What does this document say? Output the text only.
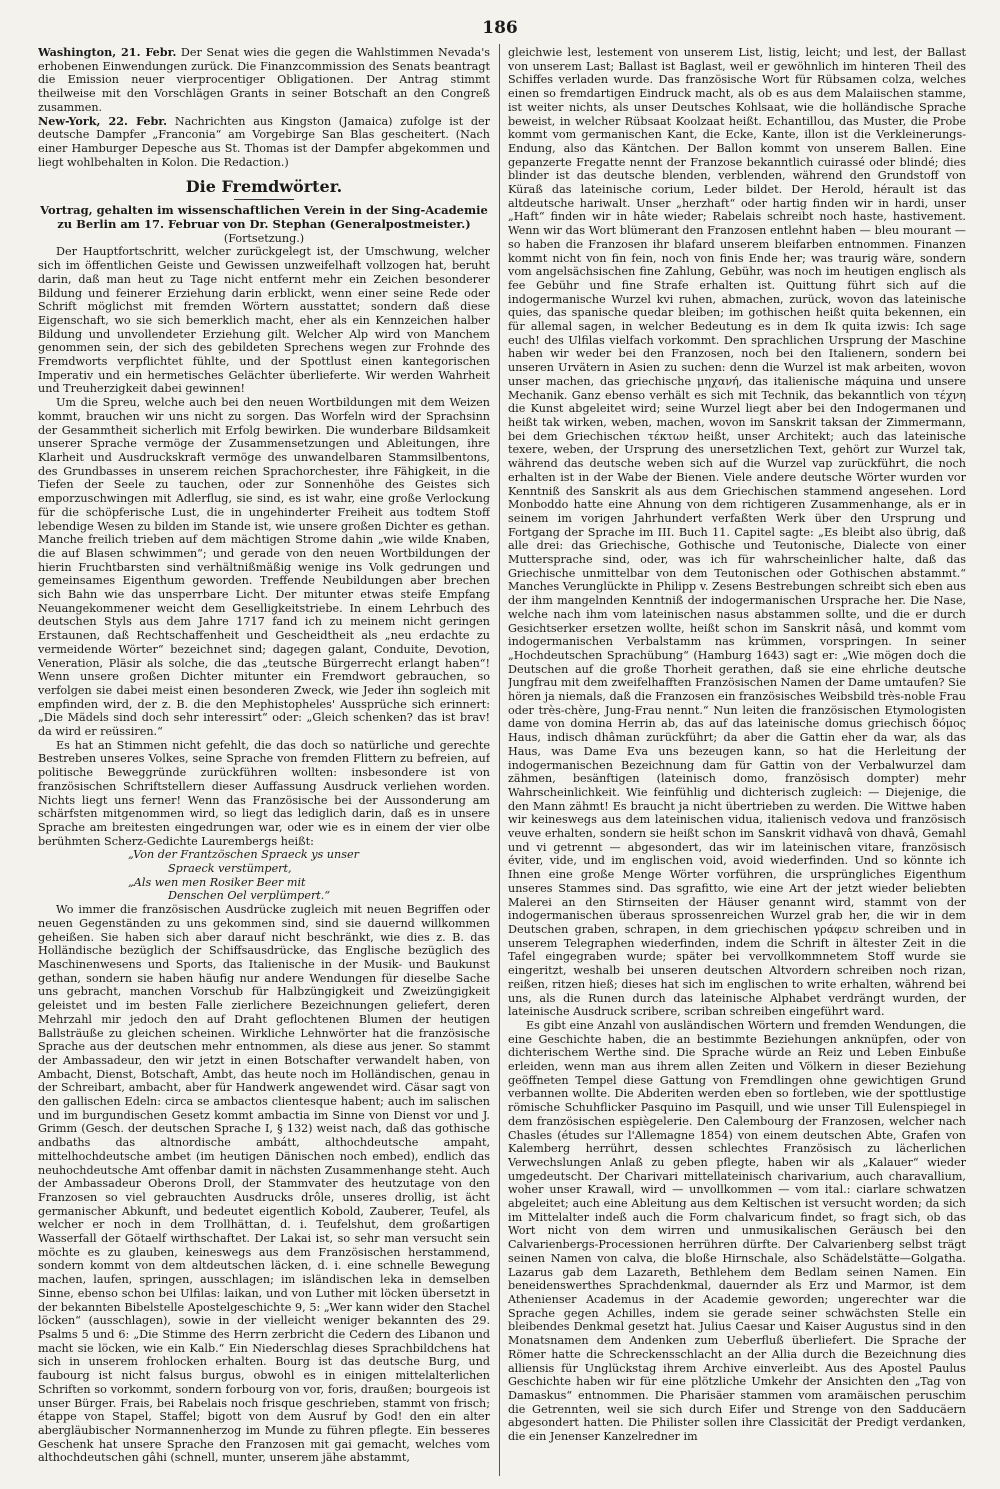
186

Washington, 21. Febr. Der Senat wies die gegen die Wahlstimmen Nevada's erhobenen Einwendungen zurück. Die Finanzcommission des Senats beantragt die Emission neuer vierprocentiger Obligationen. Der Antrag stimmt theilweise mit den Vorschlägen Grants in seiner Botschaft an den Congreß zusammen.

New-York, 22. Febr. Nachrichten aus Kingston (Jamaica) zufolge ist der deutsche Dampfer „Franconia“ am Vorgebirge San Blas gescheitert. (Nach einer Hamburger Depesche aus St. Thomas ist der Dampfer abgekommen und liegt wohlbehalten in Kolon. Die Redaction.)

Die Fremdwörter.

Vortrag, gehalten im wissenschaftlichen Verein in der Sing-Academie zu Berlin am 17. Februar von Dr. Stephan (Generalpostmeister.)

(Fortsetzung.)

Der Hauptfortschritt, welcher zurückgelegt ist, der Umschwung, welcher sich im öffentlichen Geiste und Gewissen unzweifelhaft vollzogen hat, beruht darin, daß man heut zu Tage nicht entfernt mehr ein Zeichen besonderer Bildung und feinerer Erziehung darin erblickt, wenn einer seine Rede oder Schrift möglichst mit fremden Wörtern ausstattet; sondern daß diese Eigenschaft, wo sie sich bemerklich macht, eher als ein Kennzeichen halber Bildung und unvollendeter Erziehung gilt. Welcher Alp wird von Manchem genommen sein, der sich des gebildeten Sprechens wegen zur Frohnde des Fremdworts verpflichtet fühlte, und der Spottlust einen kantegorischen Imperativ und ein hermetisches Gelächter überlieferte. Wir werden Wahrheit und Treuherzigkeit dabei gewinnen!

Um die Spreu, welche auch bei den neuen Wortbildungen mit dem Weizen kommt, brauchen wir uns nicht zu sorgen. Das Worfeln wird der Sprachsinn der Gesammtheit sicherlich mit Erfolg bewirken. Die wunderbare Bildsamkeit unserer Sprache vermöge der Zusammensetzungen und Ableitungen, ihre Klarheit und Ausdruckskraft vermöge des unwandelbaren Stammsilbentons, des Grundbasses in unserem reichen Sprachorchester, ihre Fähigkeit, in die Tiefen der Seele zu tauchen, oder zur Sonnenhöhe des Geistes sich emporzuschwingen mit Adlerflug, sie sind, es ist wahr, eine große Verlockung für die schöpferische Lust, die in ungehinderter Freiheit aus todtem Stoff lebendige Wesen zu bilden im Stande ist, wie unsere großen Dichter es gethan. Manche freilich trieben auf dem mächtigen Strome dahin „wie wilde Knaben, die auf Blasen schwimmen“; und gerade von den neuen Wortbildungen der hierin Fruchtbarsten sind verhältnißmäßig wenige ins Volk gedrungen und gemeinsames Eigenthum geworden. Treffende Neubildungen aber brechen sich Bahn wie das unsperrbare Licht. Der mitunter etwas steife Empfang Neuangekommener weicht dem Geselligkeitstriebe. In einem Lehrbuch des deutschen Styls aus dem Jahre 1717 fand ich zu meinem nicht geringen Erstaunen, daß Rechtschaffenheit und Gescheidtheit als „neu erdachte zu vermeidende Wörter“ bezeichnet sind; dagegen galant, Conduite, Devotion, Veneration, Pläsir als solche, die das „teutsche Bürgerrecht erlangt haben“! Wenn unsere großen Dichter mitunter ein Fremdwort gebrauchen, so verfolgen sie dabei meist einen besonderen Zweck, wie Jeder ihn sogleich mit empfinden wird, der z. B. die den Mephistopheles' Aussprüche sich erinnert: „Die Mädels sind doch sehr interessirt“ oder: „Gleich schenken? das ist brav! da wird er reüssiren.“

Es hat an Stimmen nicht gefehlt, die das doch so natürliche und gerechte Bestreben unseres Volkes, seine Sprache von fremden Flittern zu befreien, auf politische Beweggründe zurückführen wollten: insbesondere ist von französischen Schriftstellern dieser Auffassung Ausdruck verliehen worden. Nichts liegt uns ferner! Wenn das Französische bei der Aussonderung am schärfsten mitgenommen wird, so liegt das lediglich darin, daß es in unsere Sprache am breitesten eingedrungen war, oder wie es in einem der vier olbe berühmten Scherz-Gedichte Laurembergs heißt:

„Von der Frantzöschen Spraeck ys unser
Spraeck verstümpert,
„Als wen men Rosiker Beer mit
Denschen Oel verplümpert.“

Wo immer die französischen Ausdrücke zugleich mit neuen Begriffen oder neuen Gegenständen zu uns gekommen sind, sind sie dauernd willkommen geheißen. Sie haben sich aber darauf nicht beschränkt, wie dies z. B. das Holländische bezüglich der Schiffsausdrücke, das Englische bezüglich des Maschinenwesens und Sports, das Italienische in der Musik- und Baukunst gethan, sondern sie haben häufig nur andere Wendungen für dieselbe Sache uns gebracht, manchen Vorschub für Halbzüngigkeit und Zweizüngigkeit geleistet und im besten Falle zierlichere Bezeichnungen geliefert, deren Mehrzahl mir jedoch den auf Draht geflochtenen Blumen der heutigen Ballsträuße zu gleichen scheinen. Wirkliche Lehnwörter hat die französische Sprache aus der deutschen mehr entnommen, als diese aus jener. So stammt der Ambassadeur, den wir jetzt in einen Botschafter verwandelt haben, von Ambacht, Dienst, Botschaft, Ambt, das heute noch im Holländischen, genau in der Schreibart, ambacht, aber für Handwerk angewendet wird. Cäsar sagt von den gallischen Edeln: circa se ambactos clientesque habent; auch im salischen und im burgundischen Gesetz kommt ambactia im Sinne von Dienst vor und J. Grimm (Gesch. der deutschen Sprache I, § 132) weist nach, daß das gothische andbaths das altnordische ambátt, althochdeutsche ampaht, mittelhochdeutsche ambet (im heutigen Dänischen noch embed), endlich das neuhochdeutsche Amt offenbar damit in nächsten Zusammenhange steht. Auch der Ambassadeur Oberons Droll, der Stammvater des heutzutage von den Franzosen so viel gebrauchten Ausdrucks drôle, unseres drollig, ist ächt germanischer Abkunft, und bedeutet eigentlich Kobold, Zauberer, Teufel, als welcher er noch in dem Trollhättan, d. i. Teufelshut, dem großartigen Wasserfall der Götaelf wirthschaftet. Der Lakai ist, so sehr man versucht sein möchte es zu glauben, keineswegs aus dem Französischen herstammend, sondern kommt von dem altdeutschen läcken, d. i. eine schnelle Bewegung machen, laufen, springen, ausschlagen; im isländischen leka in demselben Sinne, ebenso schon bei Ulfilas: laikan, und von Luther mit löcken übersetzt in der bekannten Bibelstelle Apostelgeschichte 9, 5: „Wer kann wider den Stachel löcken“ (ausschlagen), sowie in der vielleicht weniger bekannten des 29. Psalms 5 und 6: „Die Stimme des Herrn zerbricht die Cedern des Libanon und macht sie löcken, wie ein Kalb.“ Ein Niederschlag dieses Sprachbildchens hat sich in unserem frohlocken erhalten. Bourg ist das deutsche Burg, und faubourg ist nicht falsus burgus, obwohl es in einigen mittelalterlichen Schriften so vorkommt, sondern forbourg von vor, foris, draußen; bourgeois ist unser Bürger. Frais, bei Rabelais noch frisque geschrieben, stammt von frisch; étappe von Stapel, Staffel; bigott von dem Ausruf by God! den ein alter abergläubischer Normannenherzog im Munde zu führen pflegte. Ein besseres Geschenk hat unsere Sprache den Franzosen mit gai gemacht, welches vom althochdeutschen gâhi (schnell, munter, unserem jähe abstammt,

gleichwie lest, lestement von unserem List, listig, leicht; und lest, der Ballast von unserem Last; Ballast ist Baglast, weil er gewöhnlich im hinteren Theil des Schiffes verladen wurde. Das französische Wort für Rübsamen colza, welches einen so fremdartigen Eindruck macht, als ob es aus dem Malaiischen stamme, ist weiter nichts, als unser Deutsches Kohlsaat, wie die holländische Sprache beweist, in welcher Rübsaat Koolzaat heißt. Echantillou, das Muster, die Probe kommt vom germanischen Kant, die Ecke, Kante, illon ist die Verkleinerungs-Endung, also das Käntchen. Der Ballon kommt von unserem Ballen. Eine gepanzerte Fregatte nennt der Franzose bekanntlich cuirassé oder blindé; dies blinder ist das deutsche blenden, verblenden, während den Grundstoff von Küraß das lateinische corium, Leder bildet. Der Herold, hérault ist das altdeutsche hariwalt. Unser „herzhaft“ oder hartig finden wir in hardi, unser „Haft“ finden wir in hâte wieder; Rabelais schreibt noch haste, hastivement. Wenn wir das Wort blümerant den Franzosen entlehnt haben — bleu mourant — so haben die Franzosen ihr blafard unserem bleifarben entnommen. Finanzen kommt nicht von fin fein, noch von finis Ende her; was traurig wäre, sondern vom angelsächsischen fine Zahlung, Gebühr, was noch im heutigen englisch als fee Gebühr und fine Strafe erhalten ist. Quittung führt sich auf die indogermanische Wurzel kvi ruhen, abmachen, zurück, wovon das lateinische quies, das spanische quedar bleiben; im gothischen heißt quita bekennen, ein für allemal sagen, in welcher Bedeutung es in dem Ik quita izwis: Ich sage euch! des Ulfilas vielfach vorkommt. Den sprachlichen Ursprung der Maschine haben wir weder bei den Franzosen, noch bei den Italienern, sondern bei unseren Urvätern in Asien zu suchen: denn die Wurzel ist mak arbeiten, wovon unser machen, das griechische μηχανή, das italienische máquina und unsere Mechanik. Ganz ebenso verhält es sich mit Technik, das bekanntlich von τέχνη die Kunst abgeleitet wird; seine Wurzel liegt aber bei den Indogermanen und heißt tak wirken, weben, machen, wovon im Sanskrit taksan der Zimmermann, bei dem Griechischen τέκτων heißt, unser Architekt; auch das lateinische texere, weben, der Ursprung des unersetzlichen Text, gehört zur Wurzel tak, während das deutsche weben sich auf die Wurzel vap zurückführt, die noch erhalten ist in der Wabe der Bienen. Viele andere deutsche Wörter wurden vor Kenntniß des Sanskrit als aus dem Griechischen stammend angesehen. Lord Monboddo hatte eine Ahnung von dem richtigeren Zusammenhange, als er in seinem im vorigen Jahrhundert verfaßten Werk über den Ursprung und Fortgang der Sprache im III. Buch 11. Capitel sagte: „Es bleibt also übrig, daß alle drei: das Griechische, Gothische und Teutonische, Dialecte von einer Muttersprache sind, oder, was ich für wahrscheinlicher halte, daß das Griechische unmittelbar von dem Teutonischen oder Gothischen abstammt.“ Manches Verunglückte in Philipp v. Zesens Bestrebungen schreibt sich eben aus der ihm mangelnden Kenntniß der indogermanischen Ursprache her. Die Nase, welche nach ihm vom lateinischen nasus abstammen sollte, und die er durch Gesichtserker ersetzen wollte, heißt schon im Sanskrit nâsâ, und kommt vom indogermanischen Verbalstamm nas krümmen, vorspringen. In seiner „Hochdeutschen Sprachübung“ (Hamburg 1643) sagt er: „Wie mögen doch die Deutschen auf die große Thorheit gerathen, daß sie eine ehrliche deutsche Jungfrau mit dem zweifelhafften Französischen Namen der Dame umtaufen? Sie hören ja niemals, daß die Franzosen ein französisches Weibsbild très-noble Frau oder très-chère, Jung-Frau nennt.“ Nun leiten die französischen Etymologisten dame von domina Herrin ab, das auf das lateinische domus griechisch δόμος Haus, indisch dhâman zurückführt; da aber die Gattin eher da war, als das Haus, was Dame Eva uns bezeugen kann, so hat die Herleitung der indogermanischen Bezeichnung dam für Gattin von der Verbalwurzel dam zähmen, besänftigen (lateinisch domo, französisch dompter) mehr Wahrscheinlichkeit. Wie feinfühlig und dichterisch zugleich: — Diejenige, die den Mann zähmt! Es braucht ja nicht übertrieben zu werden. Die Wittwe haben wir keineswegs aus dem lateinischen vidua, italienisch vedova und französisch veuve erhalten, sondern sie heißt schon im Sanskrit vidhavâ von dhavâ, Gemahl und vi getrennt — abgesondert, das wir im lateinischen vitare, französisch éviter, vide, und im englischen void, avoid wiederfinden. Und so könnte ich Ihnen eine große Menge Wörter vorführen, die ursprüngliches Eigenthum unseres Stammes sind. Das sgrafitto, wie eine Art der jetzt wieder beliebten Malerei an den Stirnseiten der Häuser genannt wird, stammt von der indogermanischen überaus sprossenreichen Wurzel grab her, die wir in dem Deutschen graben, schrapen, in dem griechischen γράφειν schreiben und in unserem Telegraphen wiederfinden, indem die Schrift in ältester Zeit in die Tafel eingegraben wurde; später bei vervollkommnetem Stoff wurde sie eingeritzt, weshalb bei unseren deutschen Altvordern schreiben noch rizan, reißen, ritzen hieß; dieses hat sich im englischen to write erhalten, während bei uns, als die Runen durch das lateinische Alphabet verdrängt wurden, der lateinische Ausdruck scribere, scriban schreiben eingeführt ward.

Es gibt eine Anzahl von ausländischen Wörtern und fremden Wendungen, die eine Geschichte haben, die an bestimmte Beziehungen anknüpfen, oder von dichterischem Werthe sind. Die Sprache würde an Reiz und Leben Einbuße erleiden, wenn man aus ihrem allen Zeiten und Völkern in dieser Beziehung geöffneten Tempel diese Gattung von Fremdlingen ohne gewichtigen Grund verbannen wollte. Die Abderiten werden eben so fortleben, wie der spottlustige römische Schuhflicker Pasquino im Pasquill, und wie unser Till Eulenspiegel in dem französischen espiègelerie. Den Calembourg der Franzosen, welcher nach Chasles (études sur l'Allemagne 1854) von einem deutschen Abte, Grafen von Kalemberg herrührt, dessen schlechtes Französisch zu lächerlichen Verwechslungen Anlaß zu geben pflegte, haben wir als „Kalauer“ wieder umgedeutscht. Der Charivari mittellateinisch charivarium, auch charavallium, woher unser Krawall, wird — unvollkommen — vom ital.: ciarlare schwatzen abgeleitet; auch eine Ableitung aus dem Keltischen ist versucht worden; da sich im Mittelalter indeß auch die Form chalvaricum findet, so fragt sich, ob das Wort nicht von dem wirren und unmusikalischen Geräusch bei den Calvarienbergs-Processionen herrühren dürfte. Der Calvarienberg selbst trägt seinen Namen von calva, die bloße Hirnschale, also Schädelstätte—Golgatha. Lazarus gab dem Lazareth, Bethlehem dem Bedlam seinen Namen. Ein beneidenswerthes Sprachdenkmal, dauernder als Erz und Marmor, ist dem Athenienser Academus in der Academie geworden; ungerechter war die Sprache gegen Achilles, indem sie gerade seiner schwächsten Stelle ein bleibendes Denkmal gesetzt hat. Julius Caesar und Kaiser Augustus sind in den Monatsnamen dem Andenken zum Ueberfluß überliefert. Die Sprache der Römer hatte die Schreckensschlacht an der Allia durch die Bezeichnung dies alliensis für Unglückstag ihrem Archive einverleibt. Aus des Apostel Paulus Geschichte haben wir für eine plötzliche Umkehr der Ansichten den „Tag von Damaskus“ entnommen. Die Pharisäer stammen vom aramäischen peruschim die Getrennten, weil sie sich durch Eifer und Strenge von den Sadducäern abgesondert hatten. Die Philister sollen ihre Classicität der Predigt verdanken, die ein Jenenser Kanzelredner im
